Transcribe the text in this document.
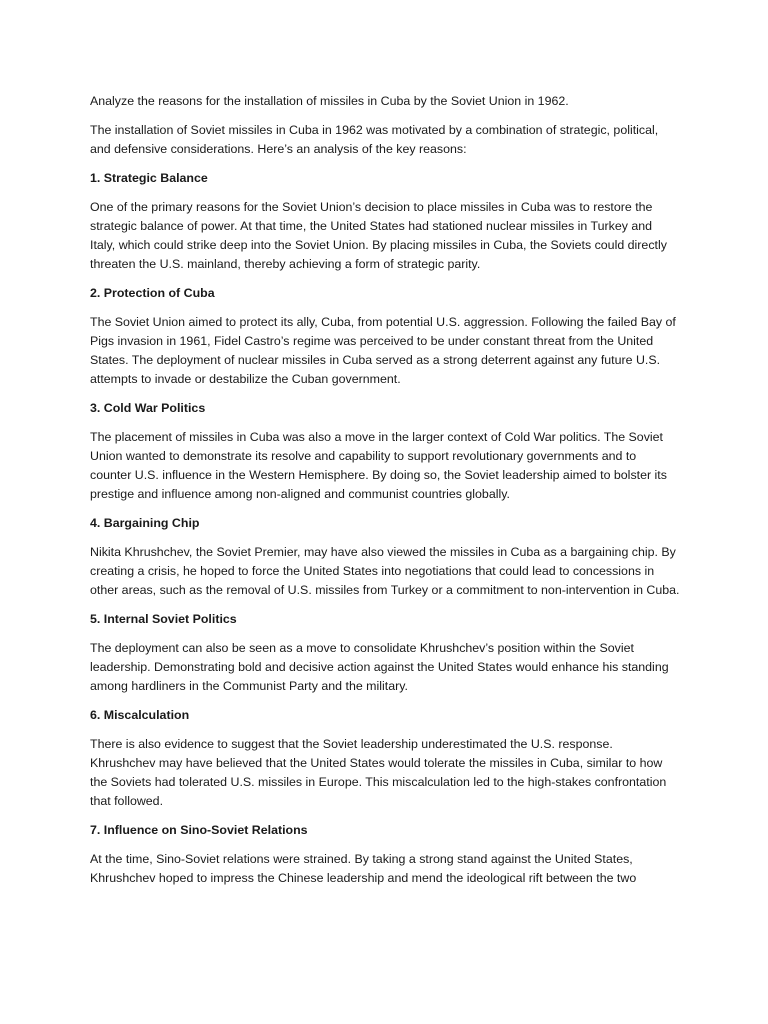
Analyze the reasons for the installation of missiles in Cuba by the Soviet Union in 1962.

The installation of Soviet missiles in Cuba in 1962 was motivated by a combination of strategic, political, and defensive considerations. Here’s an analysis of the key reasons:

1. Strategic Balance

One of the primary reasons for the Soviet Union’s decision to place missiles in Cuba was to restore the strategic balance of power. At that time, the United States had stationed nuclear missiles in Turkey and Italy, which could strike deep into the Soviet Union. By placing missiles in Cuba, the Soviets could directly threaten the U.S. mainland, thereby achieving a form of strategic parity.

2. Protection of Cuba

The Soviet Union aimed to protect its ally, Cuba, from potential U.S. aggression. Following the failed Bay of Pigs invasion in 1961, Fidel Castro’s regime was perceived to be under constant threat from the United States. The deployment of nuclear missiles in Cuba served as a strong deterrent against any future U.S. attempts to invade or destabilize the Cuban government.

3. Cold War Politics

The placement of missiles in Cuba was also a move in the larger context of Cold War politics. The Soviet Union wanted to demonstrate its resolve and capability to support revolutionary governments and to counter U.S. influence in the Western Hemisphere. By doing so, the Soviet leadership aimed to bolster its prestige and influence among non-aligned and communist countries globally.

4. Bargaining Chip

Nikita Khrushchev, the Soviet Premier, may have also viewed the missiles in Cuba as a bargaining chip. By creating a crisis, he hoped to force the United States into negotiations that could lead to concessions in other areas, such as the removal of U.S. missiles from Turkey or a commitment to non-intervention in Cuba.

5. Internal Soviet Politics

The deployment can also be seen as a move to consolidate Khrushchev’s position within the Soviet leadership. Demonstrating bold and decisive action against the United States would enhance his standing among hardliners in the Communist Party and the military.

6. Miscalculation

There is also evidence to suggest that the Soviet leadership underestimated the U.S. response. Khrushchev may have believed that the United States would tolerate the missiles in Cuba, similar to how the Soviets had tolerated U.S. missiles in Europe. This miscalculation led to the high-stakes confrontation that followed.

7. Influence on Sino-Soviet Relations

At the time, Sino-Soviet relations were strained. By taking a strong stand against the United States, Khrushchev hoped to impress the Chinese leadership and mend the ideological rift between the two
